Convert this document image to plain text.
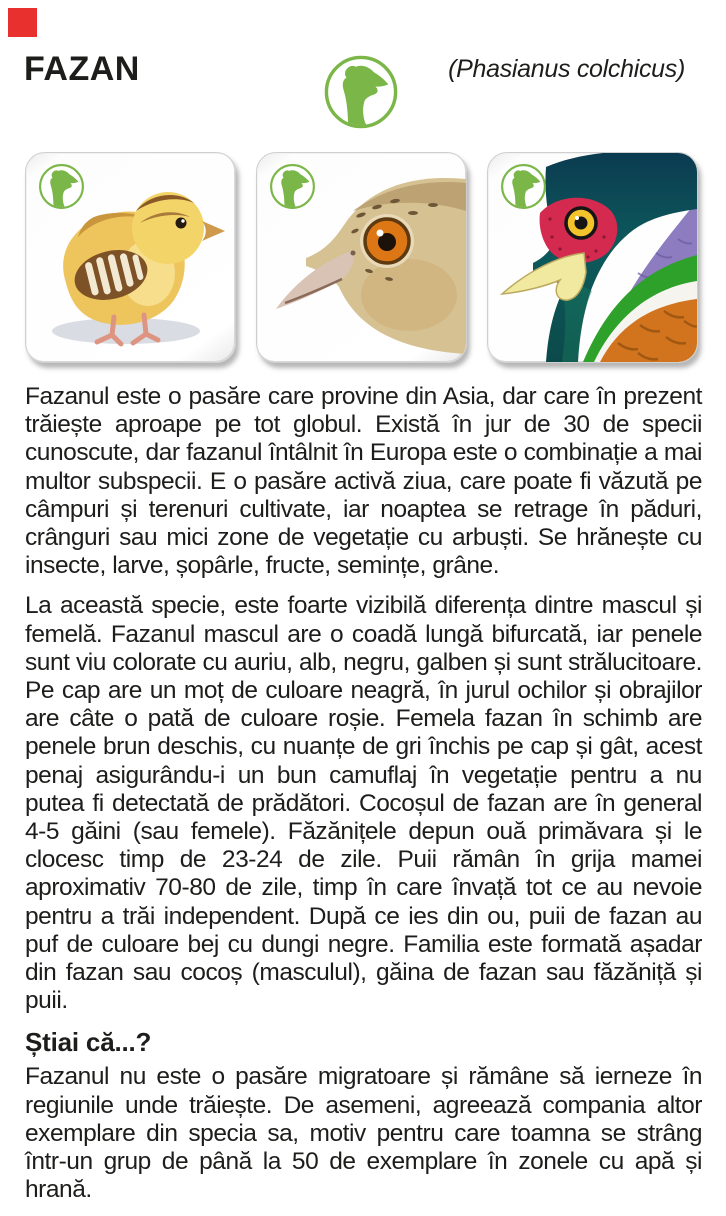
FAZAN	(Phasianus colchicus)

Fazanul este o pasăre care provine din Asia, dar care în prezent trăiește aproape pe tot globul. Există în jur de 30 de specii cunoscute, dar fazanul întâlnit în Europa este o combinație a mai multor subspecii. E o pasăre activă ziua, care poate fi văzută pe câmpuri și terenuri cultivate, iar noaptea se retrage în păduri, crânguri sau mici zone de vegetație cu arbuști. Se hrănește cu insecte, larve, șopârle, fructe, semințe, grâne.

La această specie, este foarte vizibilă diferența dintre mascul și femelă. Fazanul mascul are o coadă lungă bifurcată, iar penele sunt viu colorate cu auriu, alb, negru, galben și sunt strălucitoare. Pe cap are un moț de culoare neagră, în jurul ochilor și obrajilor are câte o pată de culoare roșie. Femela fazan în schimb are penele brun deschis, cu nuanțe de gri închis pe cap și gât, acest penaj asigurându-i un bun camuflaj în vegetație pentru a nu putea fi detectată de prădători. Cocoșul de fazan are în general 4-5 găini (sau femele). Făzănițele depun ouă primăvara și le clocesc timp de 23-24 de zile. Puii rămân în grija mamei aproximativ 70-80 de zile, timp în care învață tot ce au nevoie pentru a trăi independent. După ce ies din ou, puii de fazan au puf de culoare bej cu dungi negre. Familia este formată așadar din fazan sau cocoș (masculul), găina de fazan sau făzăniță și puii.

Știai că...?

Fazanul nu este o pasăre migratoare și rămâne să ierneze în regiunile unde trăiește. De asemeni, agreează compania altor exemplare din specia sa, motiv pentru care toamna se strâng într-un grup de până la 50 de exemplare în zonele cu apă și hrană.
